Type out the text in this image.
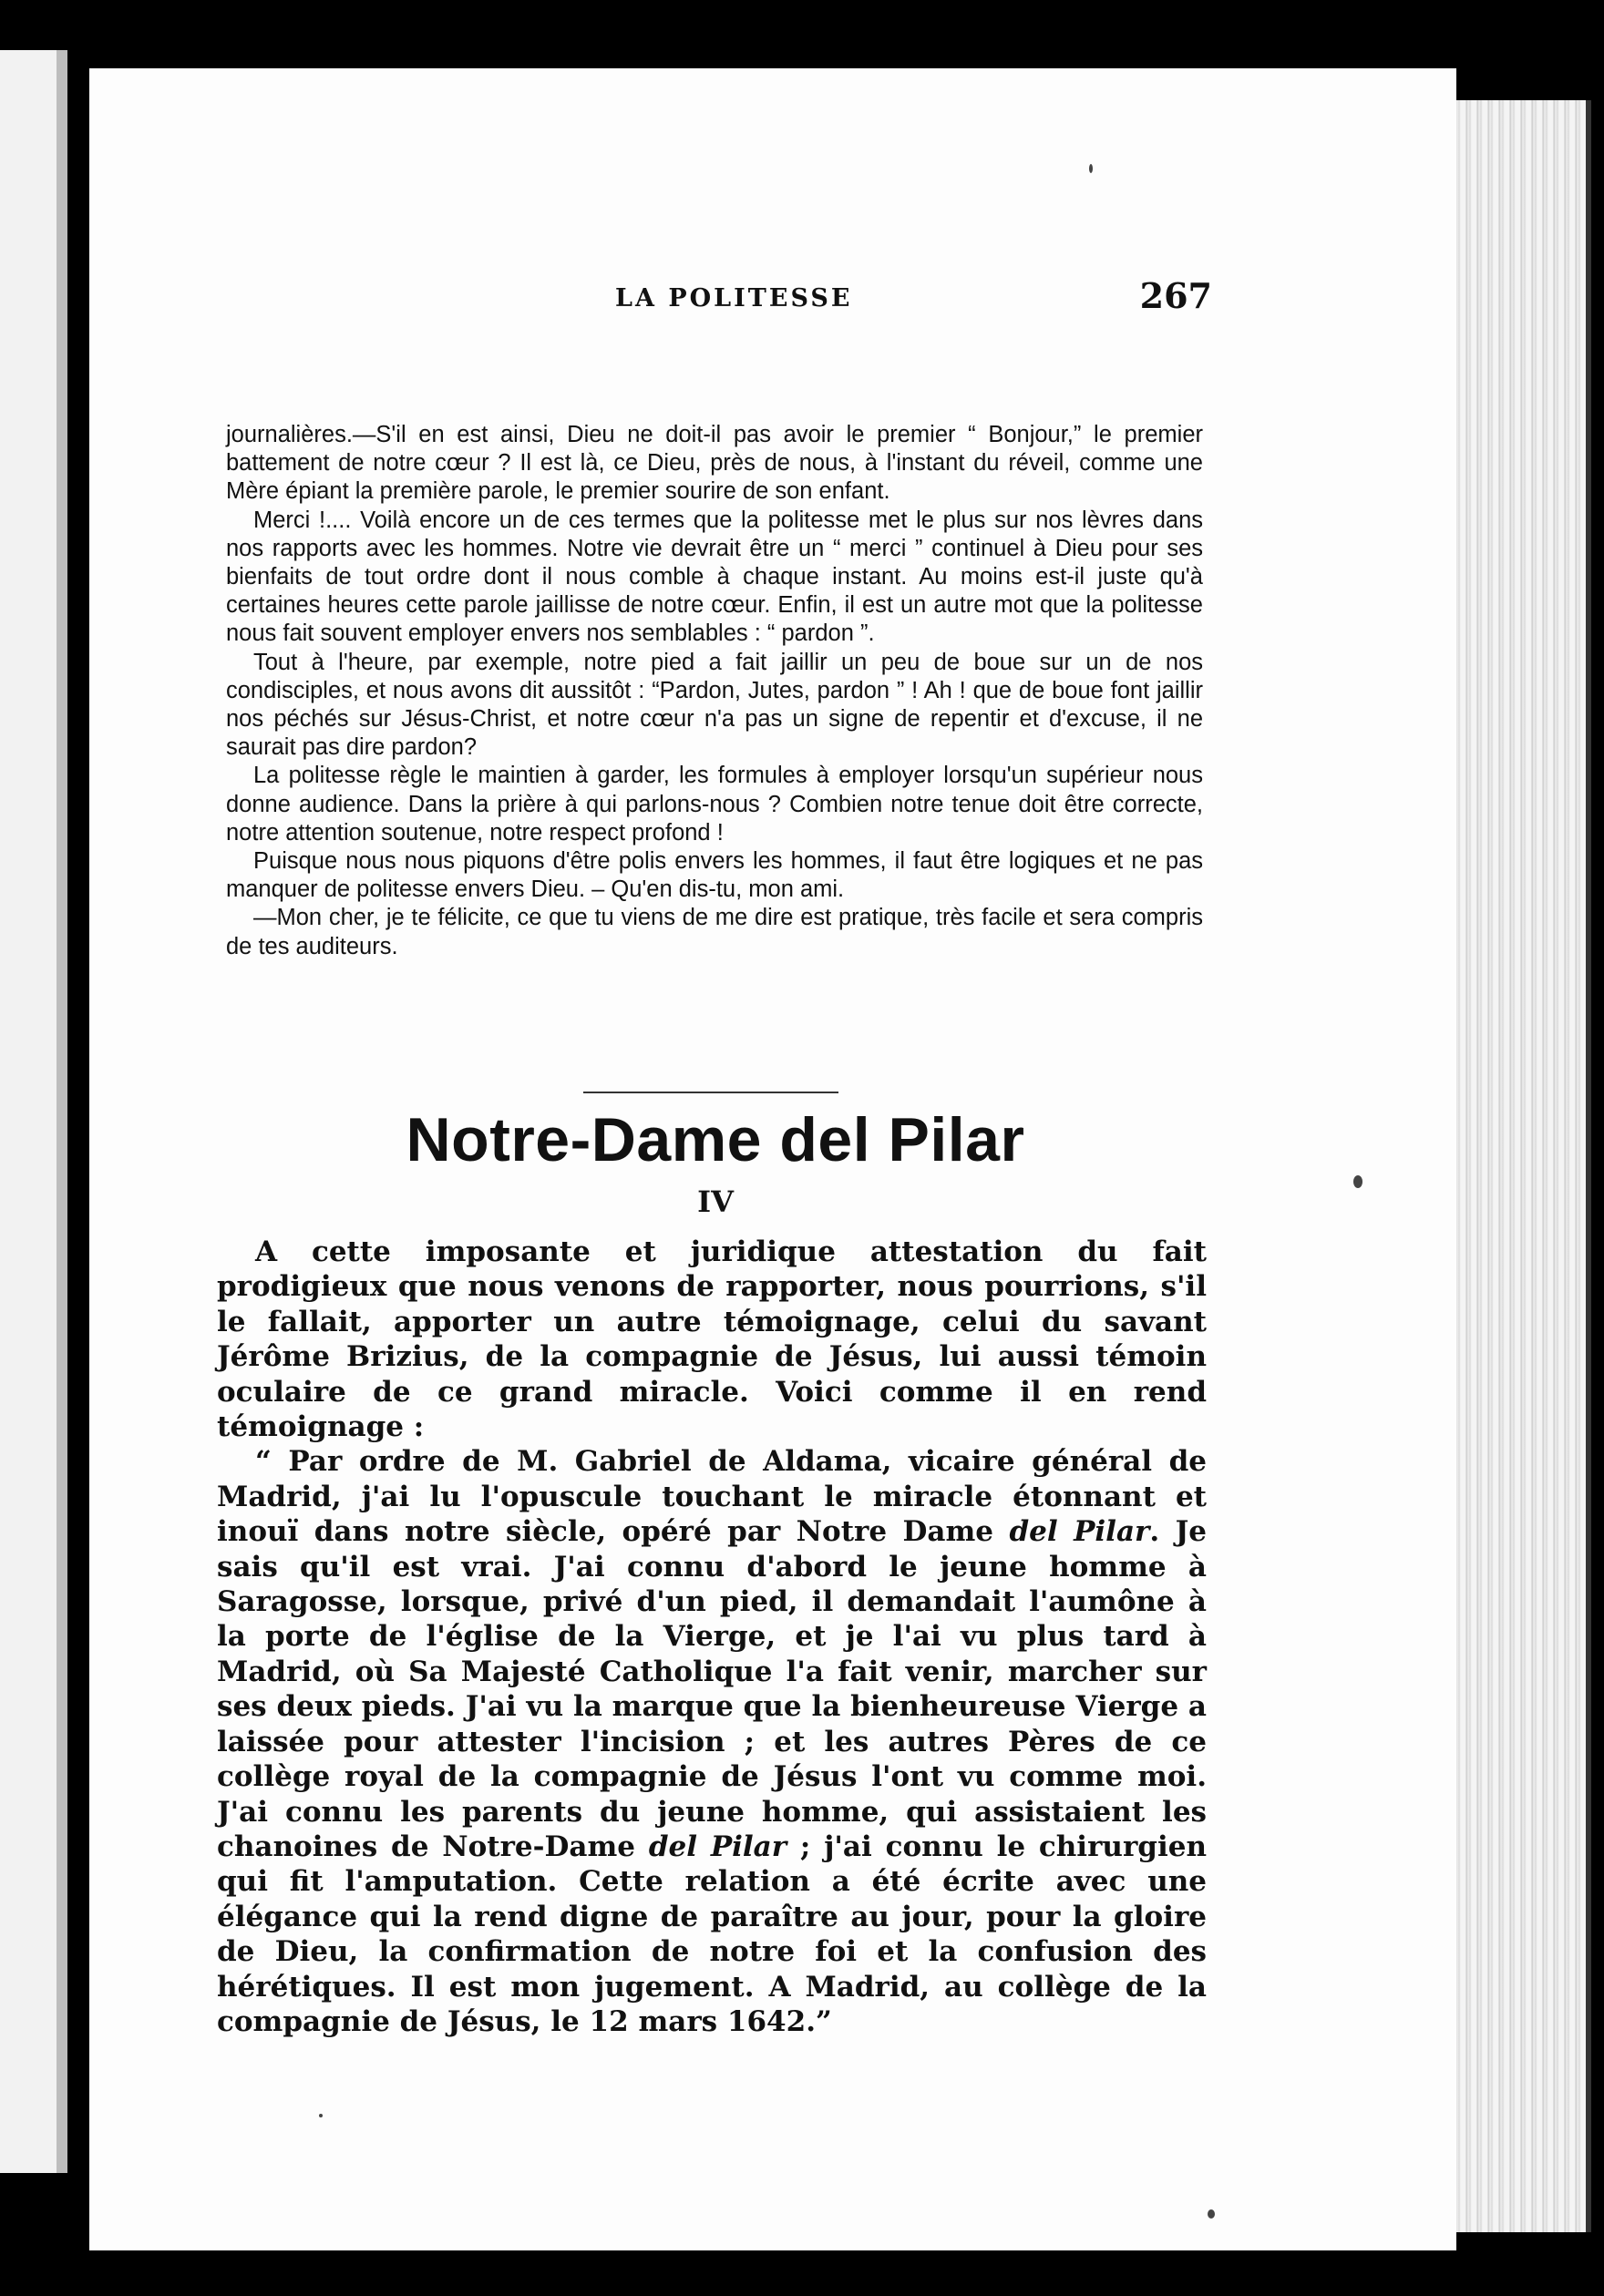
LA POLITESSE	267

journalières.—S'il en est ainsi, Dieu ne doit-il pas avoir le premier “ Bonjour,” le premier battement de notre cœur ? Il est là, ce Dieu, près de nous, à l'instant du réveil, comme une Mère épiant la première parole, le premier sourire de son enfant.

Merci !.... Voilà encore un de ces termes que la politesse met le plus sur nos lèvres dans nos rapports avec les hommes. Notre vie devrait être un “ merci ” continuel à Dieu pour ses bienfaits de tout ordre dont il nous comble à chaque instant. Au moins est-il juste qu'à certaines heures cette parole jaillisse de notre cœur. Enfin, il est un autre mot que la politesse nous fait souvent employer envers nos semblables : “ pardon ”.

Tout à l'heure, par exemple, notre pied a fait jaillir un peu de boue sur un de nos condisciples, et nous avons dit aussitôt : “Pardon, Jutes, pardon ” ! Ah ! que de boue font jaillir nos péchés sur Jésus-Christ, et notre cœur n'a pas un signe de repentir et d'excuse, il ne saurait pas dire pardon?

La politesse règle le maintien à garder, les formules à employer lorsqu'un supérieur nous donne audience. Dans la prière à qui parlons-nous ? Combien notre tenue doit être correcte, notre attention soutenue, notre respect profond !

Puisque nous nous piquons d'être polis envers les hommes, il faut être logiques et ne pas manquer de politesse envers Dieu. – Qu'en dis-tu, mon ami.

—Mon cher, je te félicite, ce que tu viens de me dire est pratique, très facile et sera compris de tes auditeurs.

Notre-Dame del Pilar
IV

A cette imposante et juridique attestation du fait prodigieux que nous venons de rapporter, nous pourrions, s'il le fallait, apporter un autre témoignage, celui du savant Jérôme Brizius, de la compagnie de Jésus, lui aussi témoin oculaire de ce grand miracle. Voici comme il en rend témoignage :

“ Par ordre de M. Gabriel de Aldama, vicaire général de Madrid, j'ai lu l'opuscule touchant le miracle étonnant et inouï dans notre siècle, opéré par Notre Dame del Pilar. Je sais qu'il est vrai. J'ai connu d'abord le jeune homme à Saragosse, lorsque, privé d'un pied, il demandait l'aumône à la porte de l'église de la Vierge, et je l'ai vu plus tard à Madrid, où Sa Majesté Catholique l'a fait venir, marcher sur ses deux pieds. J'ai vu la marque que la bienheureuse Vierge a laissée pour attester l'incision ; et les autres Pères de ce collège royal de la compagnie de Jésus l'ont vu comme moi. J'ai connu les parents du jeune homme, qui assistaient les chanoines de Notre-Dame del Pilar ; j'ai connu le chirurgien qui fit l'amputation. Cette relation a été écrite avec une élégance qui la rend digne de paraître au jour, pour la gloire de Dieu, la confirmation de notre foi et la confusion des hérétiques. Il est mon jugement. A Madrid, au collège de la compagnie de Jésus, le 12 mars 1642.”
